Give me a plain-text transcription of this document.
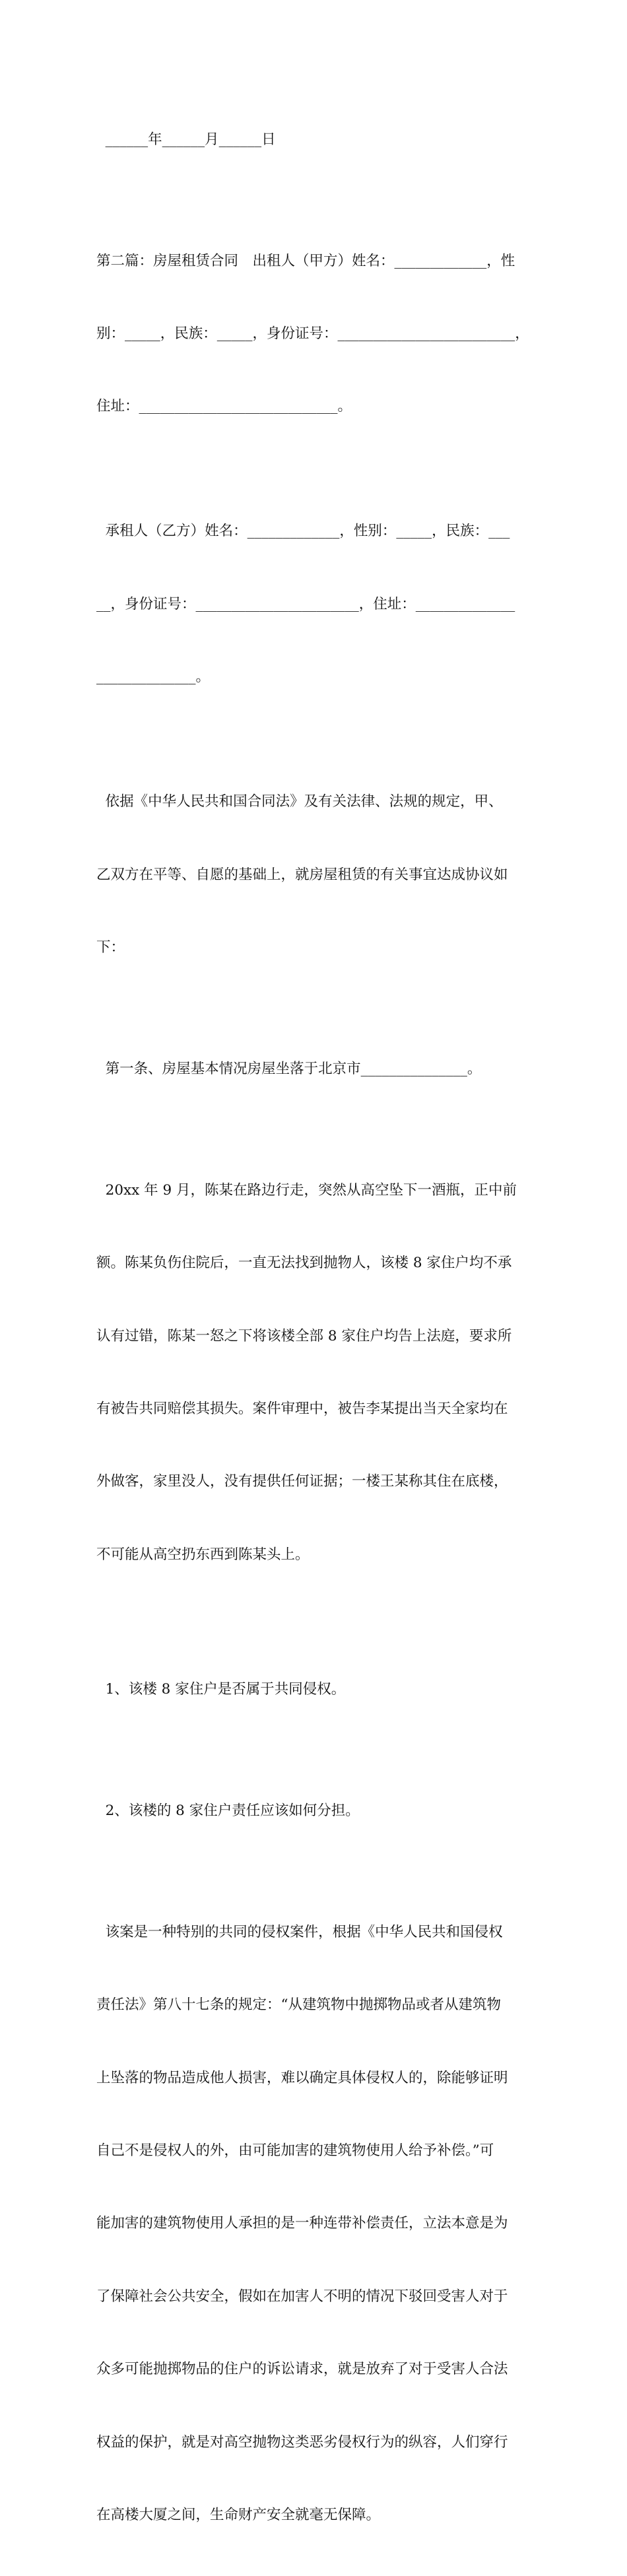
______年______月______日

第二篇：房屋租赁合同　出租人（甲方）姓名：_____________，性

别：_____，民族：_____，身份证号：_________________________，

住址：____________________________。

承租人（乙方）姓名：_____________，性别：_____，民族：___

__，身份证号：_______________________，住址：______________

______________。

依据《中华人民共和国合同法》及有关法律、法规的规定，甲、

乙双方在平等、自愿的基础上，就房屋租赁的有关事宜达成协议如

下：

第一条、房屋基本情况房屋坐落于北京市_______________。

20xx 年 9 月，陈某在路边行走，突然从高空坠下一酒瓶，正中前

额。陈某负伤住院后，一直无法找到抛物人，该楼 8 家住户均不承

认有过错，陈某一怒之下将该楼全部 8 家住户均告上法庭，要求所

有被告共同赔偿其损失。案件审理中，被告李某提出当天全家均在

外做客，家里没人，没有提供任何证据；一楼王某称其住在底楼，

不可能从高空扔东西到陈某头上。

1、该楼 8 家住户是否属于共同侵权。

2、该楼的 8 家住户责任应该如何分担。

该案是一种特别的共同的侵权案件，根据《中华人民共和国侵权

责任法》第八十七条的规定：“从建筑物中抛掷物品或者从建筑物

上坠落的物品造成他人损害，难以确定具体侵权人的，除能够证明

自己不是侵权人的外，由可能加害的建筑物使用人给予补偿。”可

能加害的建筑物使用人承担的是一种连带补偿责任，立法本意是为

了保障社会公共安全，假如在加害人不明的情况下驳回受害人对于

众多可能抛掷物品的住户的诉讼请求，就是放弃了对于受害人合法

权益的保护，就是对高空抛物这类恶劣侵权行为的纵容，人们穿行

在高楼大厦之间，生命财产安全就毫无保障。
